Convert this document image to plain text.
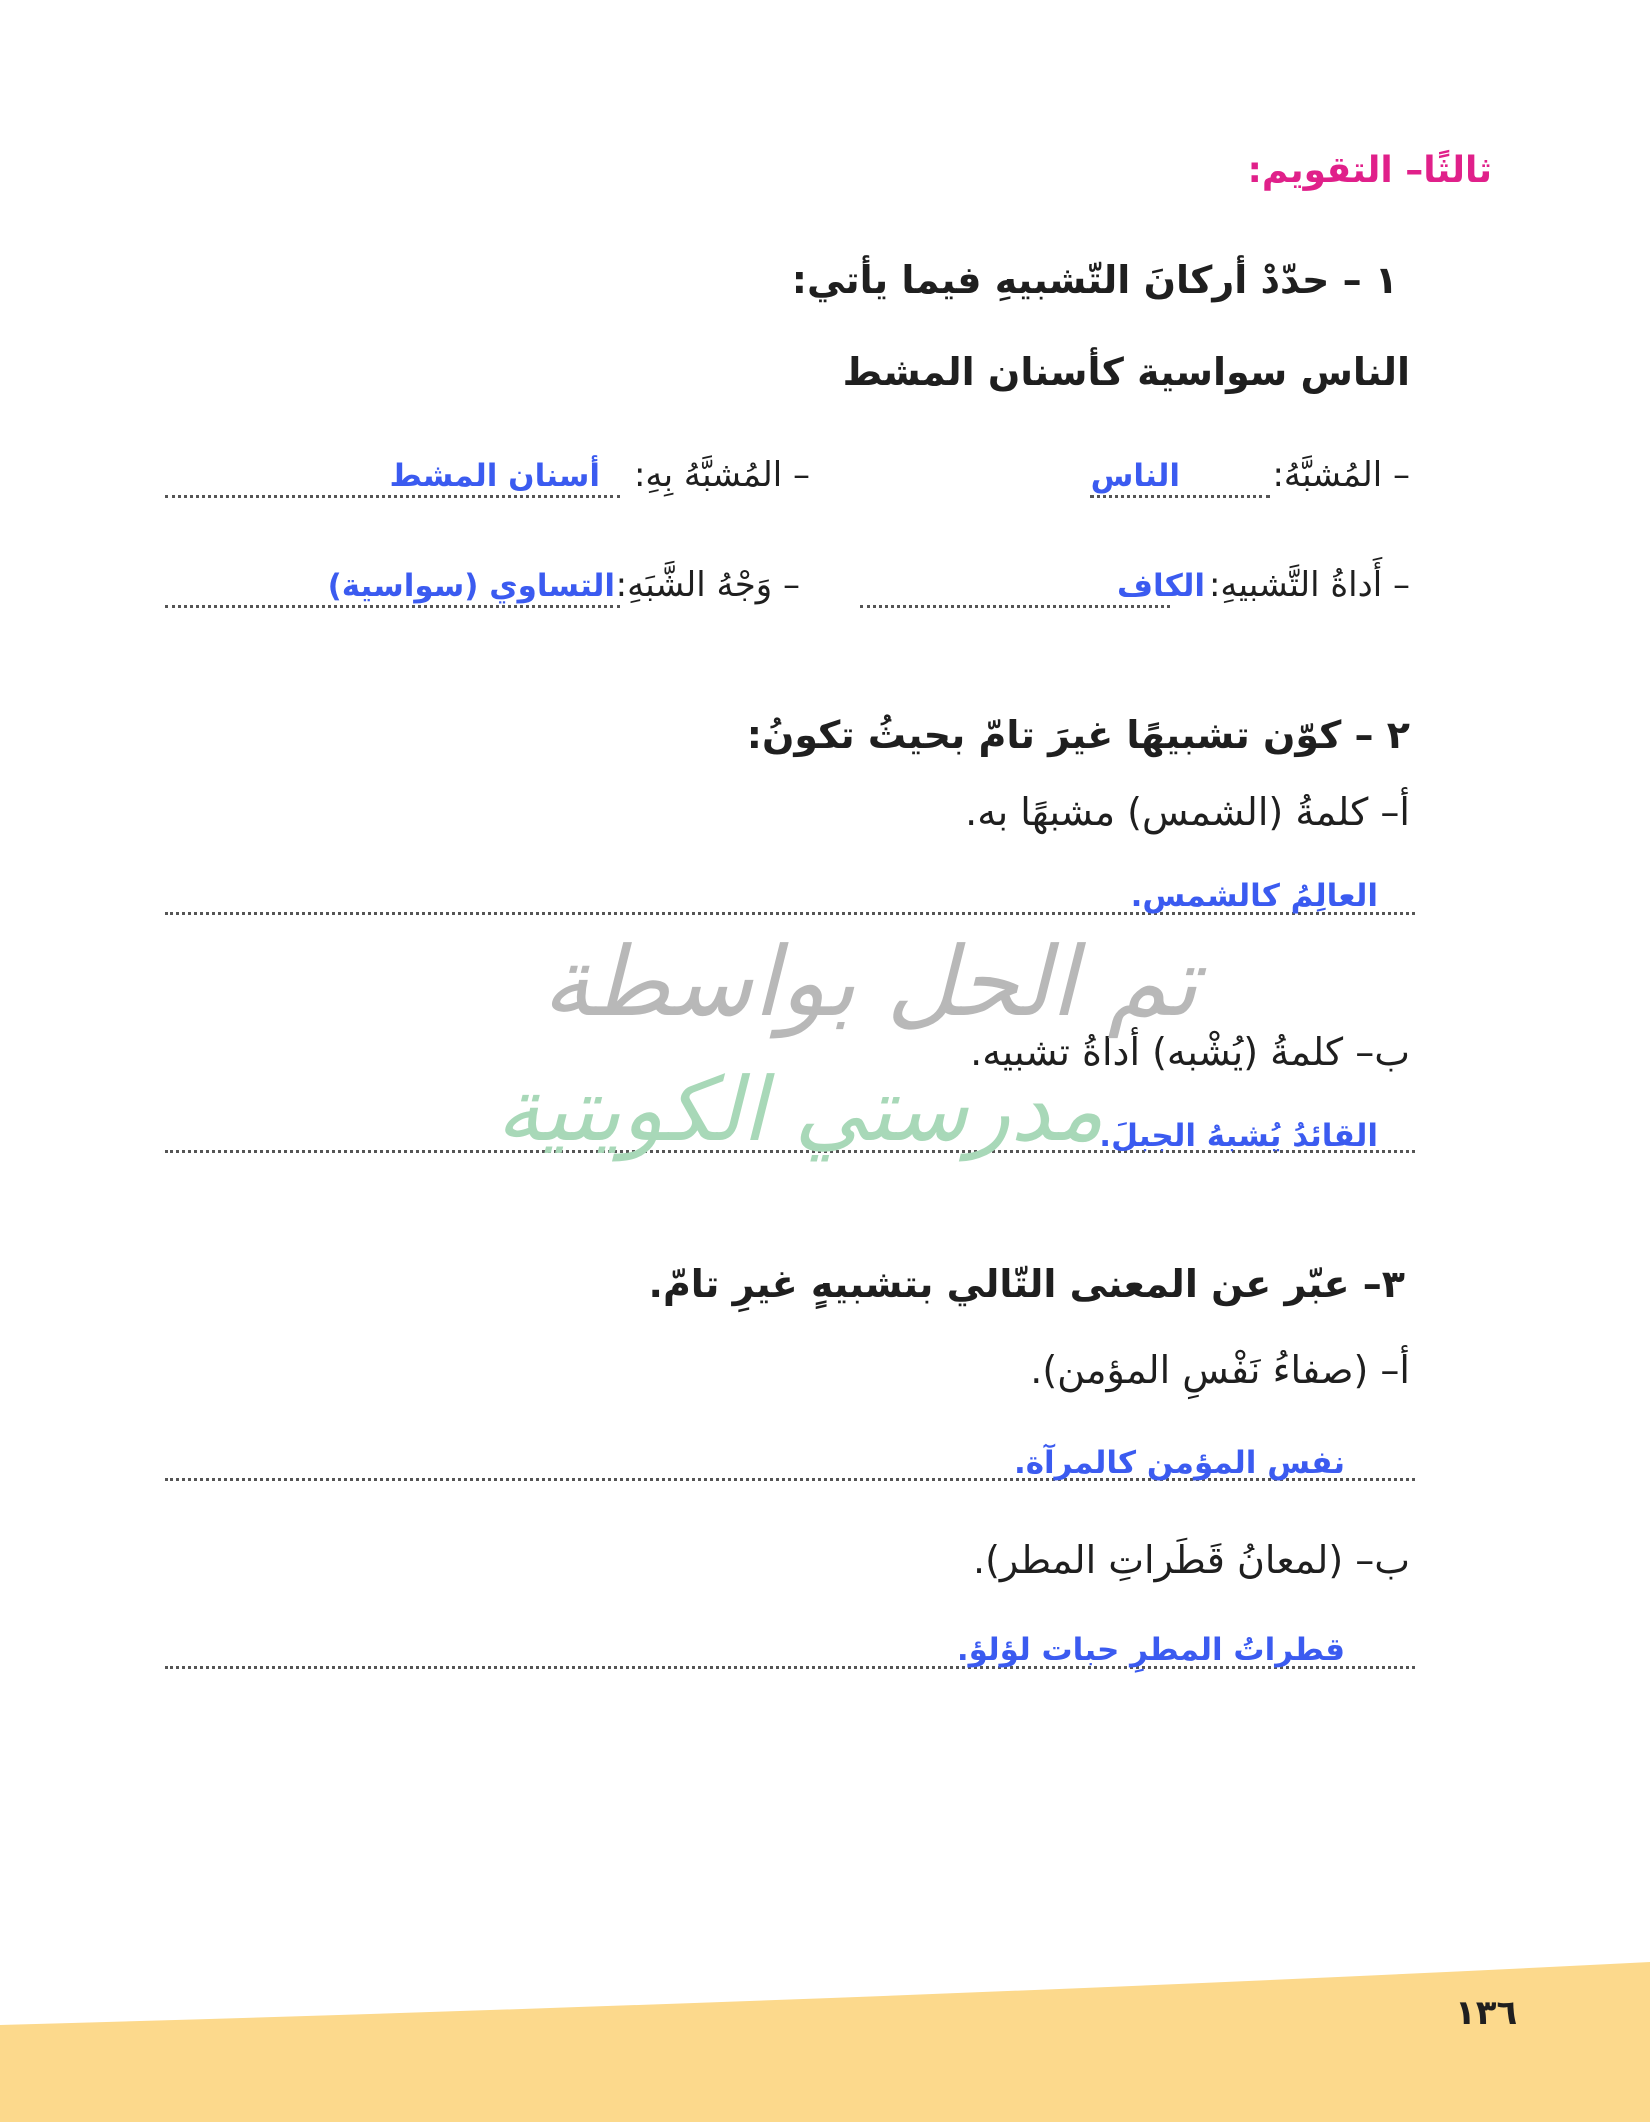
ثالثًا– التقويم:
١ – حدّدْ أركانَ التّشبيهِ فيما يأتي:
الناس سواسية كأسنان المشط
– المُشبَّهُ:
الناس
– المُشبَّهُ بِهِ:
أسنان المشط
– أَداةُ التَّشبيهِ:
الكاف
– وَجْهُ الشَّبَهِ:
التساوي (سواسية)
٢ – كوّن تشبيهًا غيرَ تامّ بحيثُ تكونُ:
أ– كلمةُ (الشمس) مشبهًا به.
العالِمُ كالشمس.
ب– كلمةُ (يُشْبه) أداةُ تشبيه.
القائدُ يُشبهُ الجبلَ.
تم الحل بواسطة
مدرستي الكويتية
٣– عبّر عن المعنى التّالي بتشبيهٍ غيرِ تامّ.
أ– (صفاءُ نَفْسِ المؤمن).
نفس المؤمن كالمرآة.
ب– (لمعانُ قَطَراتِ المطر).
قطراتُ المطرِ حبات لؤلؤ.
١٣٦
